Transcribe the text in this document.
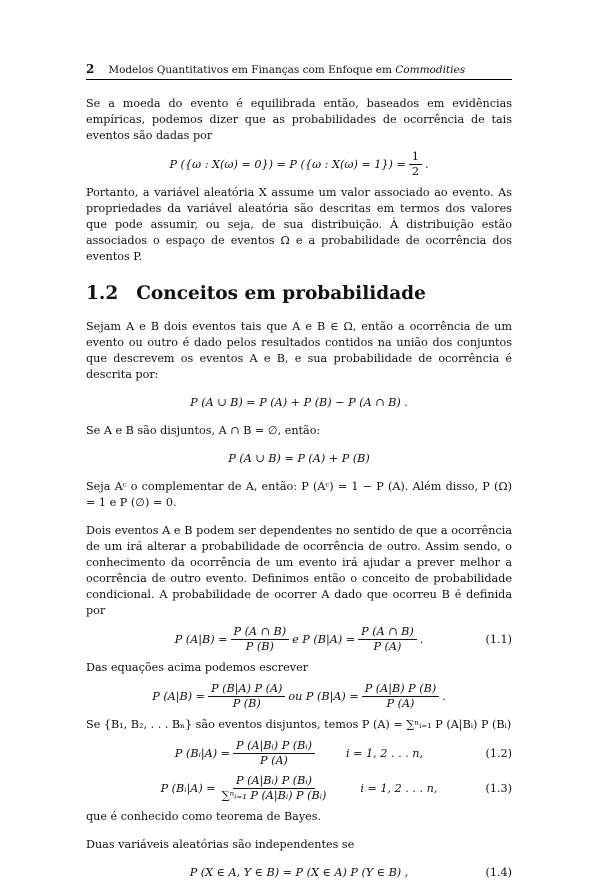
2 Modelos Quantitativos em Finanças com Enfoque em Commodities

Se a moeda do evento é equilibrada então, baseados em evidências empíricas, podemos dizer que as probabilidades de ocorrência de tais eventos são dadas por

P ({ω : X(ω) = 0}) = P ({ω : $X(\omega) = 1\}) = \frac{1}{2}$ .

Portanto, a variável aleatória X assume um valor associado ao evento. As propriedades da variável aleatória são descritas em termos dos valores que pode assumir, ou seja, de sua distribuição. À distribuição estão associados o espaço de eventos Ω e a probabilidade de ocorrência dos eventos P.

1.2 Conceitos em probabilidade

Sejam A e B dois eventos tais que A e B ∈ Ω, então a ocorrência de um evento ou outro é dado pelos resultados contidos na união dos conjuntos que descrevem os eventos A e B, e sua probabilidade de ocorrência é descrita por:

P (A ∪ B) = P (A) + P (B) − P (A ∩ B) .

Se A e B são disjuntos, A ∩ B = ∅, então:

P (A ∪ B) = P (A) + P (B)

Seja Aᶜ o complementar de A, então: P (Aᶜ) = 1 − P (A). Além disso, P (Ω) = 1 e P (∅) = 0.

Dois eventos A e B podem ser dependentes no sentido de que a ocorrência de um irá alterar a probabilidade de ocorrência de outro. Assim sendo, o conhecimento da ocorrência de um evento irá ajudar a prever melhor a ocorrência de outro evento. Definimos então o conceito de probabilidade condicional. A probabilidade de ocorrer A dado que ocorreu B é definida por

P $(A|B) = \frac{P (A \cap B)}{P (B)}$ e P $(B|A) = \frac{P (A \cap B)}{P (A)}$ .	(1.1)

Das equações acima podemos escrever

P $(A|B) = \frac{P (B|A) P (A)}{P (B)}$ ou P $(B|A) = \frac{P (A|B) P (B)}{P (A)}$ .

Se {B₁, B₂, . . . Bₙ} são eventos disjuntos, temos P (A) = ∑ⁿᵢ₌₁ P (A|Bᵢ) P (Bᵢ)

P (Bᵢ|A) = $\frac{\text{P (A|Bᵢ) P (Bᵢ)}}{P (A)}$	i = 1, 2 . . . n,	(1.2)
P (Bᵢ|A) = $\frac{\text{P (A|Bᵢ) P (Bᵢ)}}{\text{∑ⁿᵢ₌₁ P (A|Bᵢ) P (Bᵢ)}}$	i = 1, 2 . . . n,	(1.3)

que é conhecido como teorema de Bayes.

Duas variáveis aleatórias são independentes se

P (X ∈ A, Y ∈ B) = P (X ∈ A) P (Y ∈ B) ,	(1.4)
